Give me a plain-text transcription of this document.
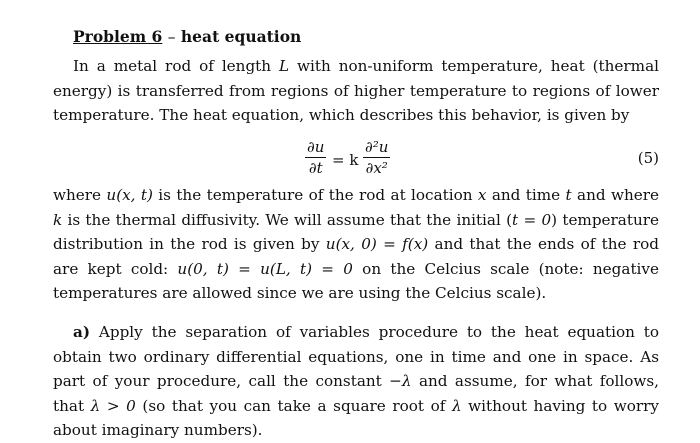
Problem 6 – heat equation
In a metal rod of length L with non-uniform temperature, heat (thermal energy) is transferred from regions of higher temperature to regions of lower temperature. The heat equation, which describes this behavior, is given by
∂u
∂t = k
∂²u
∂x²
(5)
where u(x, t) is the temperature of the rod at location x and time t and where k is the thermal diffusivity. We will assume that the initial (t = 0) temperature distribution in the rod is given by u(x, 0) = f(x) and that the ends of the rod are kept cold: u(0, t) = u(L, t) = 0 on the Celcius scale (note: negative temperatures are allowed since we are using the Celcius scale).
a) Apply the separation of variables procedure to the heat equation to obtain two ordinary differential equations, one in time and one in space. As part of your procedure, call the constant −λ and assume, for what follows, that λ > 0 (so that you can take a square root of λ without having to worry about imaginary numbers).
